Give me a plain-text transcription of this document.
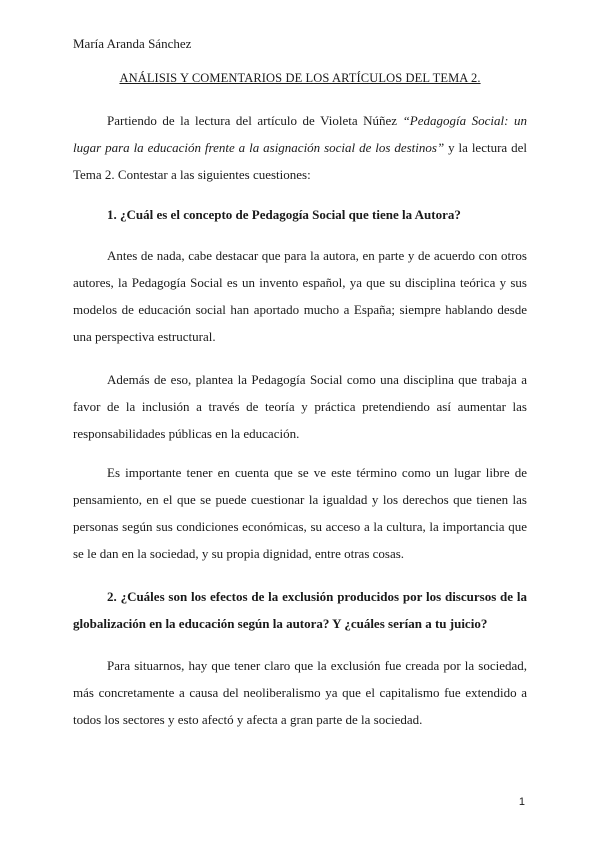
María Aranda Sánchez
ANÁLISIS Y COMENTARIOS DE LOS ARTÍCULOS DEL TEMA 2.

Partiendo de la lectura del artículo de Violeta Núñez “Pedagogía Social: un lugar para la educación frente a la asignación social de los destinos” y la lectura del Tema 2. Contestar a las siguientes cuestiones:

1. ¿Cuál es el concepto de Pedagogía Social que tiene la Autora?

Antes de nada, cabe destacar que para la autora, en parte y de acuerdo con otros autores, la Pedagogía Social es un invento español, ya que su disciplina teórica y sus modelos de educación social han aportado mucho a España; siempre hablando desde una perspectiva estructural.

Además de eso, plantea la Pedagogía Social como una disciplina que trabaja a favor de la inclusión a través de teoría y práctica pretendiendo así aumentar las responsabilidades públicas en la educación.

Es importante tener en cuenta que se ve este término como un lugar libre de pensamiento, en el que se puede cuestionar la igualdad y los derechos que tienen las personas según sus condiciones económicas, su acceso a la cultura, la importancia que se le dan en la sociedad, y su propia dignidad, entre otras cosas.

2. ¿Cuáles son los efectos de la exclusión producidos por los discursos de la globalización en la educación según la autora? Y ¿cuáles serían a tu juicio?

Para situarnos, hay que tener claro que la exclusión fue creada por la sociedad, más concretamente a causa del neoliberalismo ya que el capitalismo fue extendido a todos los sectores y esto afectó y afecta a gran parte de la sociedad.

1
